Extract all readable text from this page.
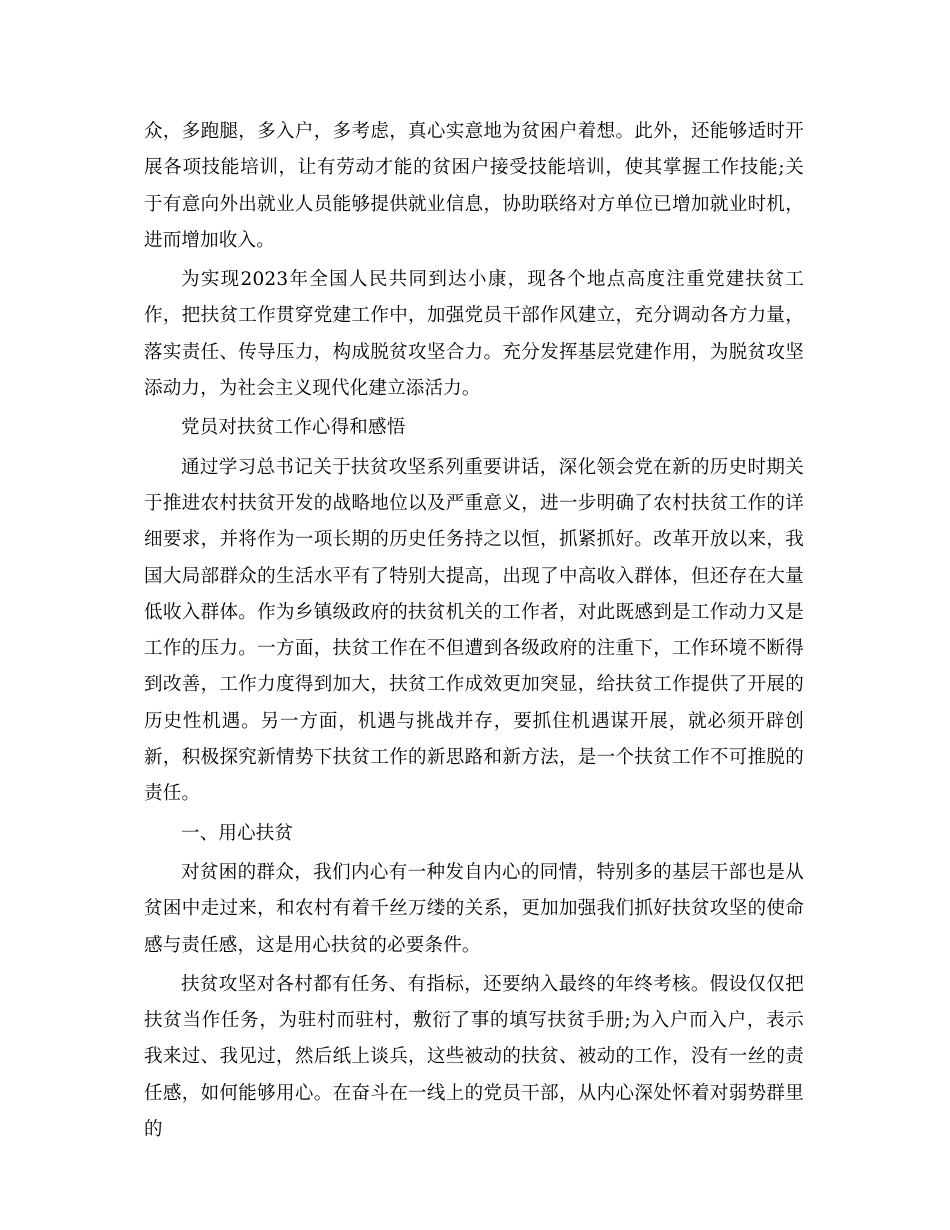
众，多跑腿，多入户，多考虑，真心实意地为贫困户着想。此外，还能够适时开展各项技能培训，让有劳动才能的贫困户接受技能培训，使其掌握工作技能;关于有意向外出就业人员能够提供就业信息，协助联络对方单位已增加就业时机，进而增加收入。

为实现2023年全国人民共同到达小康，现各个地点高度注重党建扶贫工作，把扶贫工作贯穿党建工作中，加强党员干部作风建立，充分调动各方力量，落实责任、传导压力，构成脱贫攻坚合力。充分发挥基层党建作用，为脱贫攻坚添动力，为社会主义现代化建立添活力。

党员对扶贫工作心得和感悟

通过学习总书记关于扶贫攻坚系列重要讲话，深化领会党在新的历史时期关于推进农村扶贫开发的战略地位以及严重意义，进一步明确了农村扶贫工作的详细要求，并将作为一项长期的历史任务持之以恒，抓紧抓好。改革开放以来，我国大局部群众的生活水平有了特别大提高，出现了中高收入群体，但还存在大量低收入群体。作为乡镇级政府的扶贫机关的工作者，对此既感到是工作动力又是工作的压力。一方面，扶贫工作在不但遭到各级政府的注重下，工作环境不断得到改善，工作力度得到加大，扶贫工作成效更加突显，给扶贫工作提供了开展的历史性机遇。另一方面，机遇与挑战并存，要抓住机遇谋开展，就必须开辟创新，积极探究新情势下扶贫工作的新思路和新方法，是一个扶贫工作不可推脱的责任。

一、用心扶贫

对贫困的群众，我们内心有一种发自内心的同情，特别多的基层干部也是从贫困中走过来，和农村有着千丝万缕的关系，更加加强我们抓好扶贫攻坚的使命感与责任感，这是用心扶贫的必要条件。

扶贫攻坚对各村都有任务、有指标，还要纳入最终的年终考核。假设仅仅把扶贫当作任务，为驻村而驻村，敷衍了事的填写扶贫手册;为入户而入户，表示我来过、我见过，然后纸上谈兵，这些被动的扶贫、被动的工作，没有一丝的责任感，如何能够用心。在奋斗在一线上的党员干部，从内心深处怀着对弱势群里的
